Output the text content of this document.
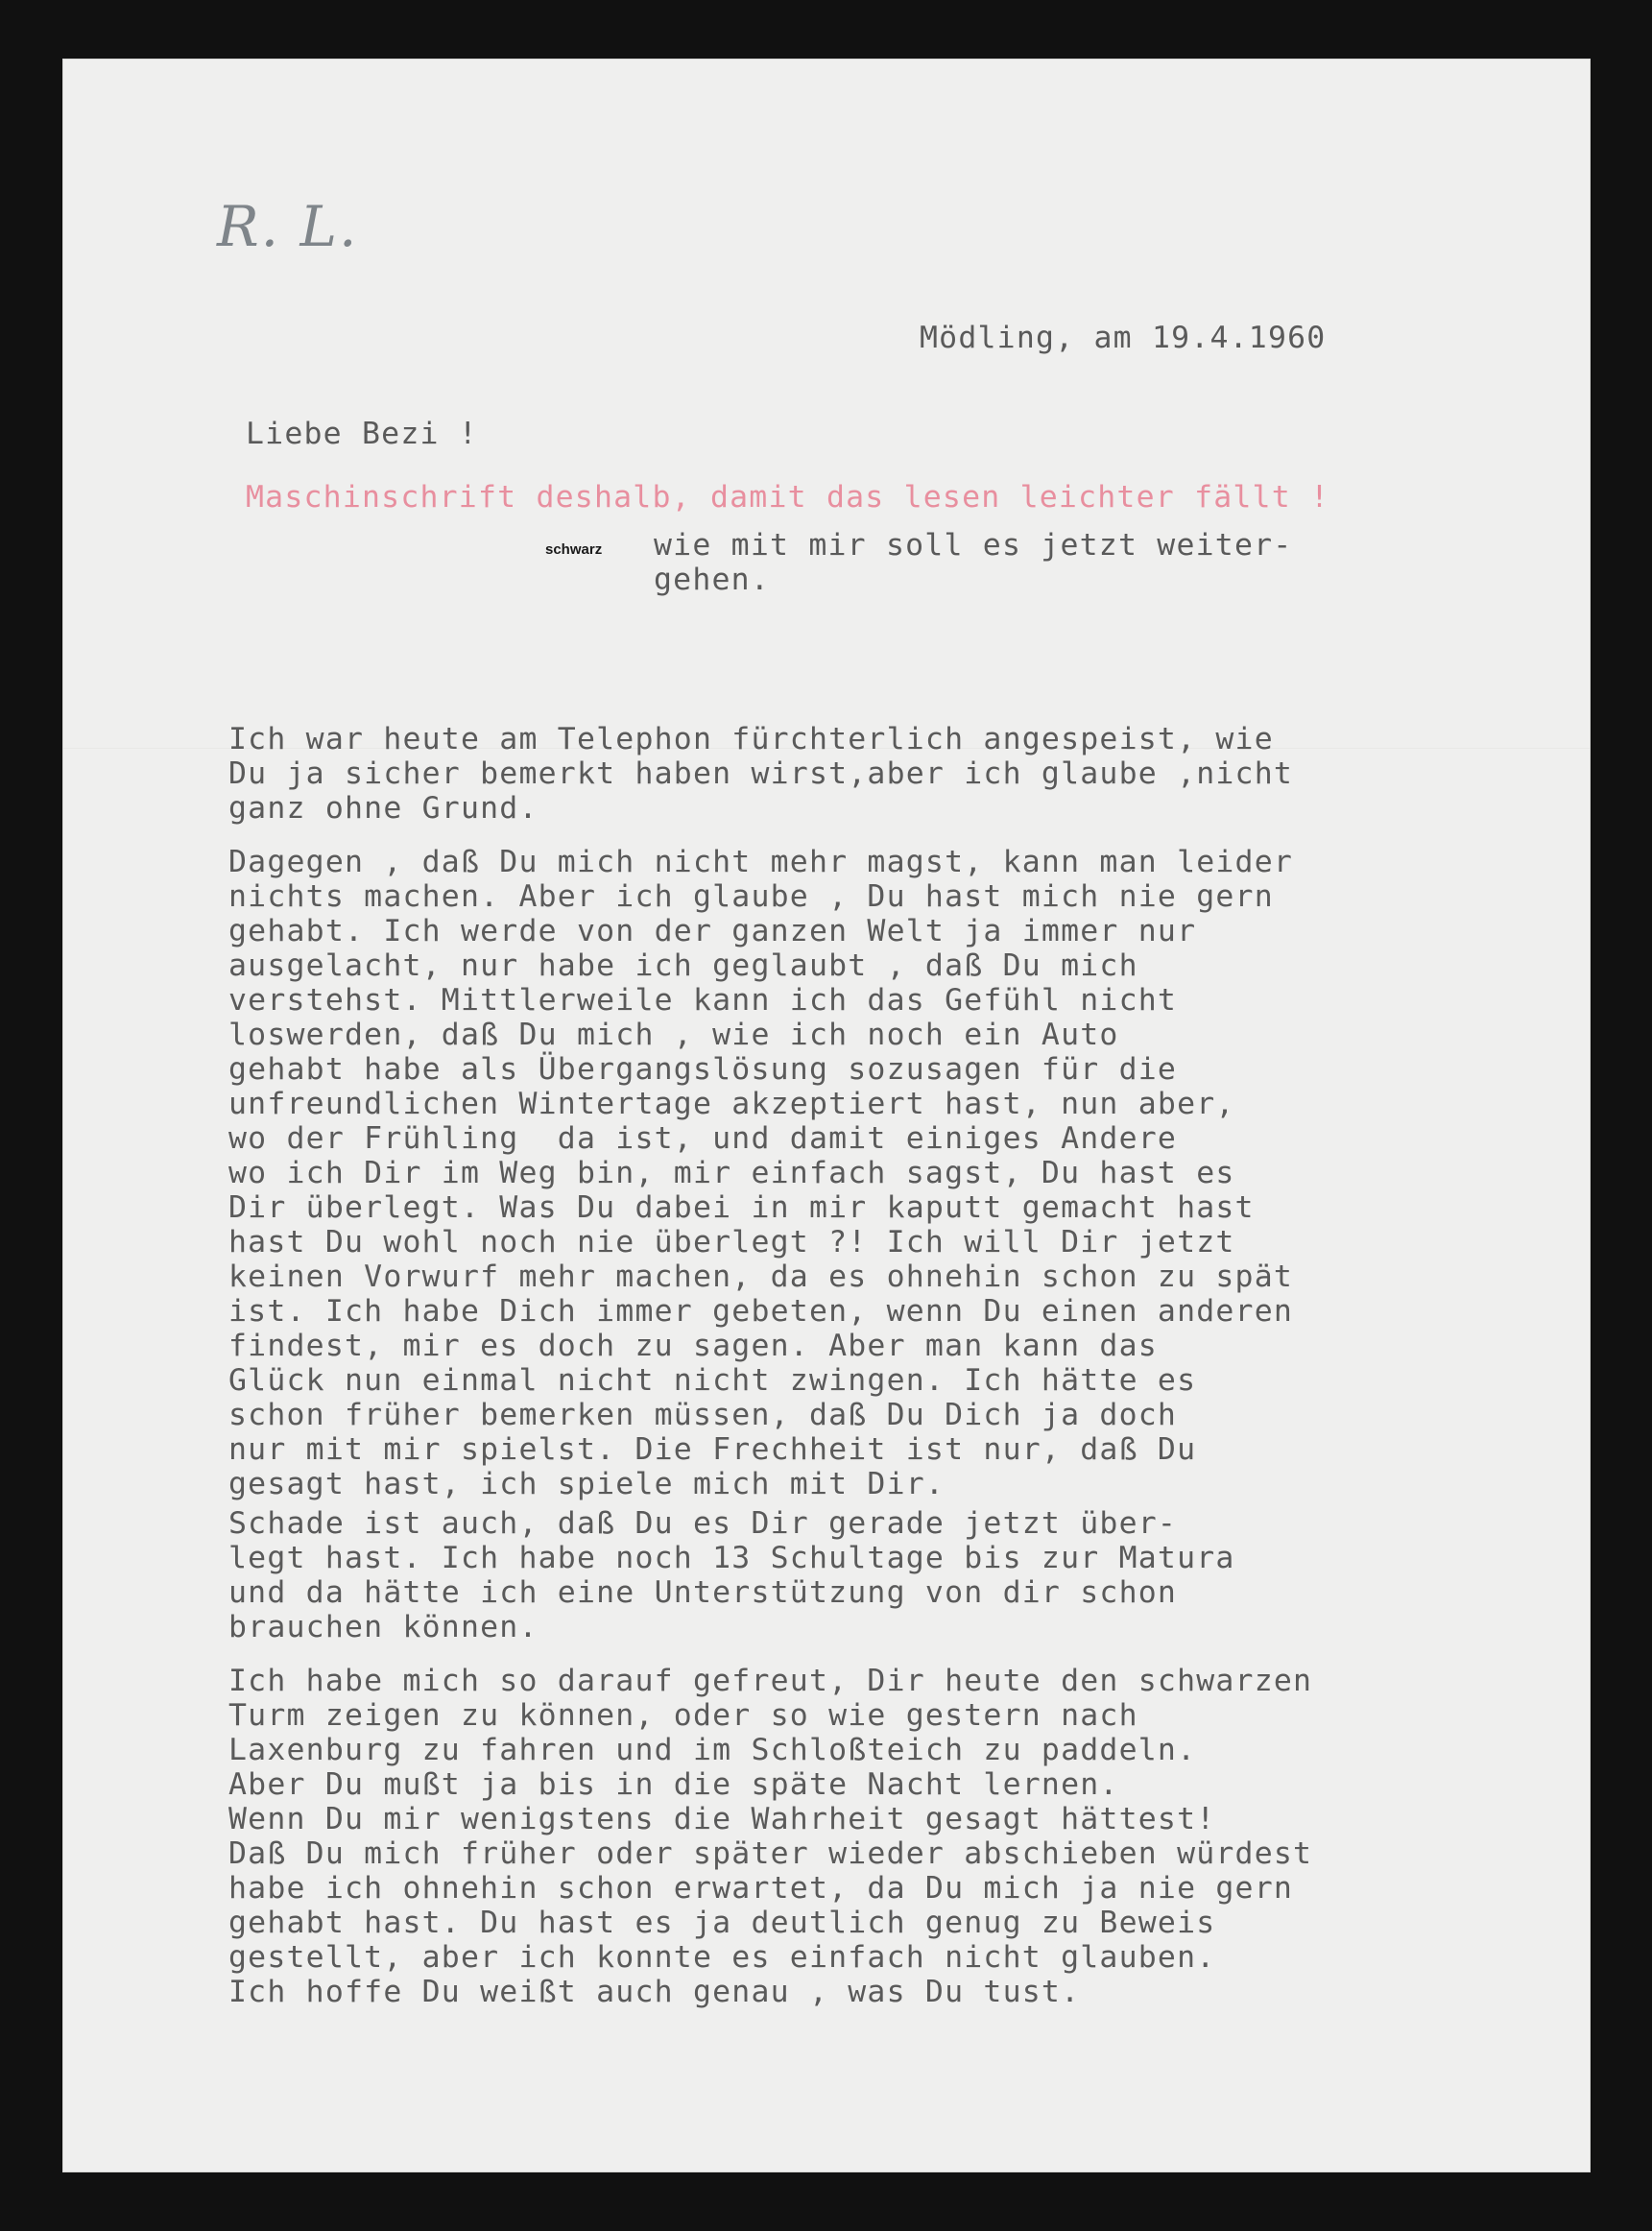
R. L.
Mödling, am 19.4.1960
Liebe Bezi !
Maschinschrift deshalb, damit das lesen leichter fällt !
schwarz wie mit mir soll es jetzt weiter-
gehen.
Ich war heute am Telephon fürchterlich angespeist, wie
Du ja sicher bemerkt haben wirst,aber ich glaube ,nicht
ganz ohne Grund.
Dagegen , daß Du mich nicht mehr magst, kann man leider
nichts machen. Aber ich glaube , Du hast mich nie gern
gehabt. Ich werde von der ganzen Welt ja immer nur
ausgelacht, nur habe ich geglaubt , daß Du mich
verstehst. Mittlerweile kann ich das Gefühl nicht
loswerden, daß Du mich , wie ich noch ein Auto
gehabt habe als Übergangslösung sozusagen für die
unfreundlichen Wintertage akzeptiert hast, nun aber,
wo der Frühling  da ist, und damit einiges Andere
wo ich Dir im Weg bin, mir einfach sagst, Du hast es
Dir überlegt. Was Du dabei in mir kaputt gemacht hast
hast Du wohl noch nie überlegt ?! Ich will Dir jetzt
keinen Vorwurf mehr machen, da es ohnehin schon zu spät
ist. Ich habe Dich immer gebeten, wenn Du einen anderen
findest, mir es doch zu sagen. Aber man kann das
Glück nun einmal nicht nicht zwingen. Ich hätte es
schon früher bemerken müssen, daß Du Dich ja doch
nur mit mir spielst. Die Frechheit ist nur, daß Du
gesagt hast, ich spiele mich mit Dir.
Schade ist auch, daß Du es Dir gerade jetzt über-
legt hast. Ich habe noch 13 Schultage bis zur Matura
und da hätte ich eine Unterstützung von dir schon
brauchen können.
Ich habe mich so darauf gefreut, Dir heute den schwarzen
Turm zeigen zu können, oder so wie gestern nach
Laxenburg zu fahren und im Schloßteich zu paddeln.
Aber Du mußt ja bis in die späte Nacht lernen.
Wenn Du mir wenigstens die Wahrheit gesagt hättest!
Daß Du mich früher oder später wieder abschieben würdest
habe ich ohnehin schon erwartet, da Du mich ja nie gern
gehabt hast. Du hast es ja deutlich genug zu Beweis
gestellt, aber ich konnte es einfach nicht glauben.
Ich hoffe Du weißt auch genau , was Du tust.
